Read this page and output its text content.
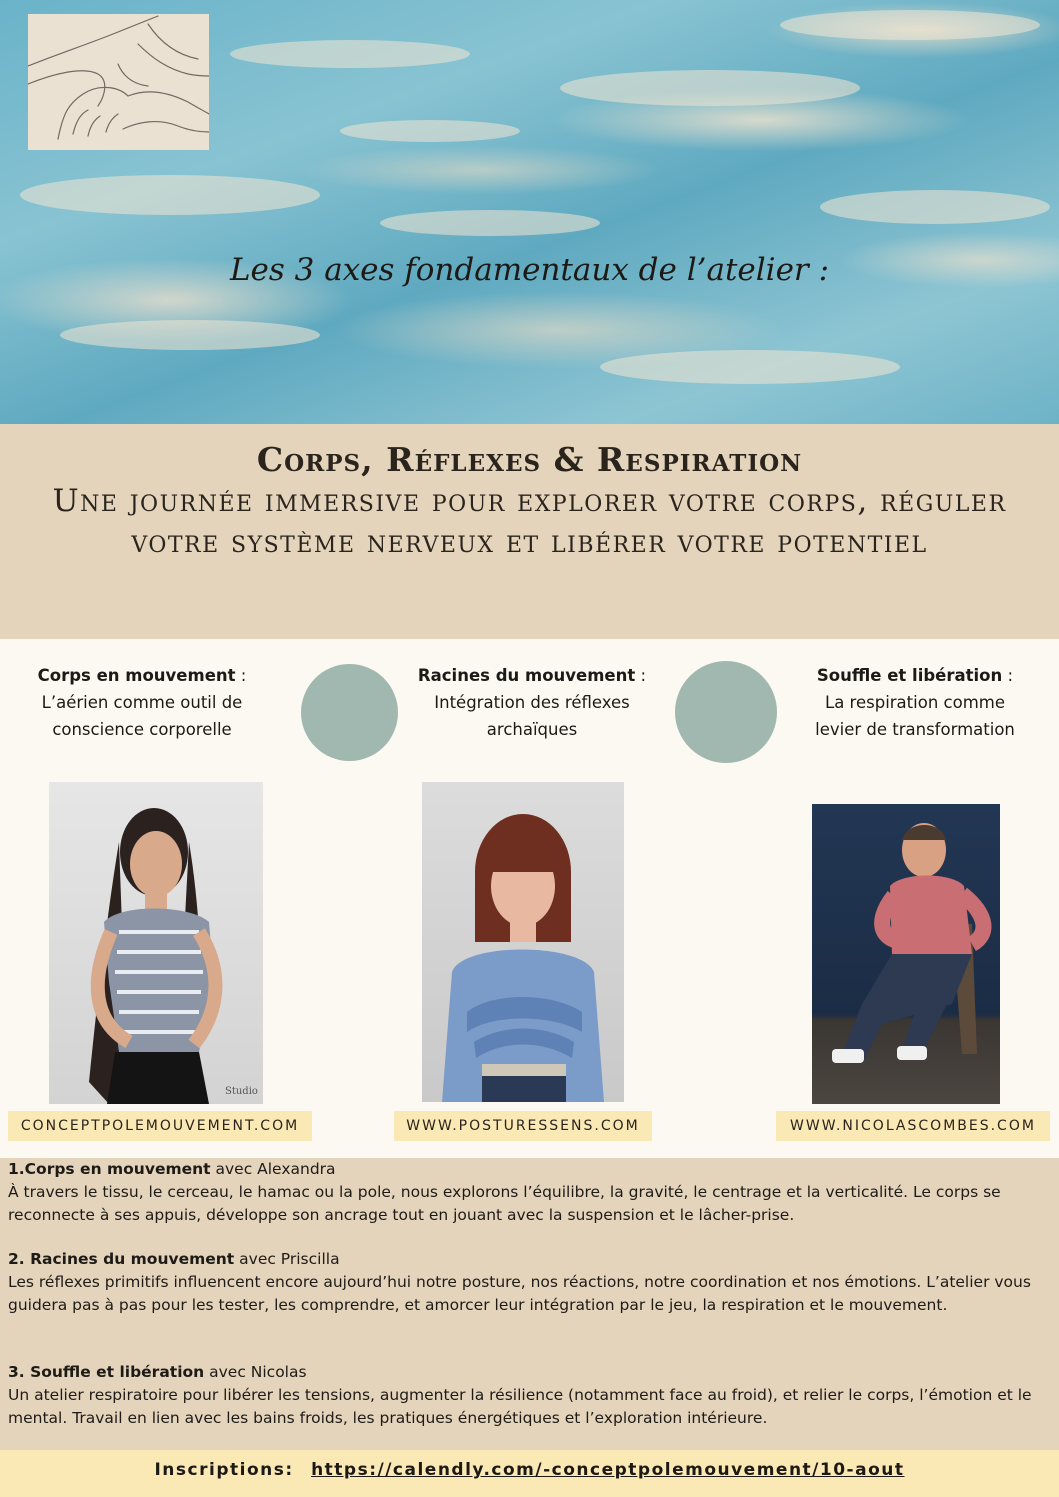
Les 3 axes fondamentaux de l’atelier :
Corps, Réflexes & Respiration
Une journée immersive pour explorer votre corps, réguler votre système nerveux et libérer votre potentiel
Corps en mouvement :
L’aérien comme outil de
conscience corporelle
Racines du mouvement :
Intégration des réflexes
archaïques
Souffle et libération :
La respiration comme
levier de transformation
Studio
CONCEPTPOLEMOUVEMENT.COM	WWW.POSTURESSENS.COM	WWW.NICOLASCOMBES.COM
1.Corps en mouvement avec Alexandra
À travers le tissu, le cerceau, le hamac ou la pole, nous explorons l’équilibre, la gravité, le centrage et la verticalité. Le corps se reconnecte à ses appuis, développe son ancrage tout en jouant avec la suspension et le lâcher-prise.
2. Racines du mouvement avec Priscilla
Les réflexes primitifs influencent encore aujourd’hui notre posture, nos réactions, notre coordination et nos émotions. L’atelier vous guidera pas à pas pour les tester, les comprendre, et amorcer leur intégration par le jeu, la respiration et le mouvement.
3. Souffle et libération avec Nicolas
Un atelier respiratoire pour libérer les tensions, augmenter la résilience (notamment face au froid), et relier le corps, l’émotion et le mental. Travail en lien avec les bains froids, les pratiques énergétiques et l’exploration intérieure.
Inscriptions: https://calendly.com/-conceptpolemouvement/10-aout
